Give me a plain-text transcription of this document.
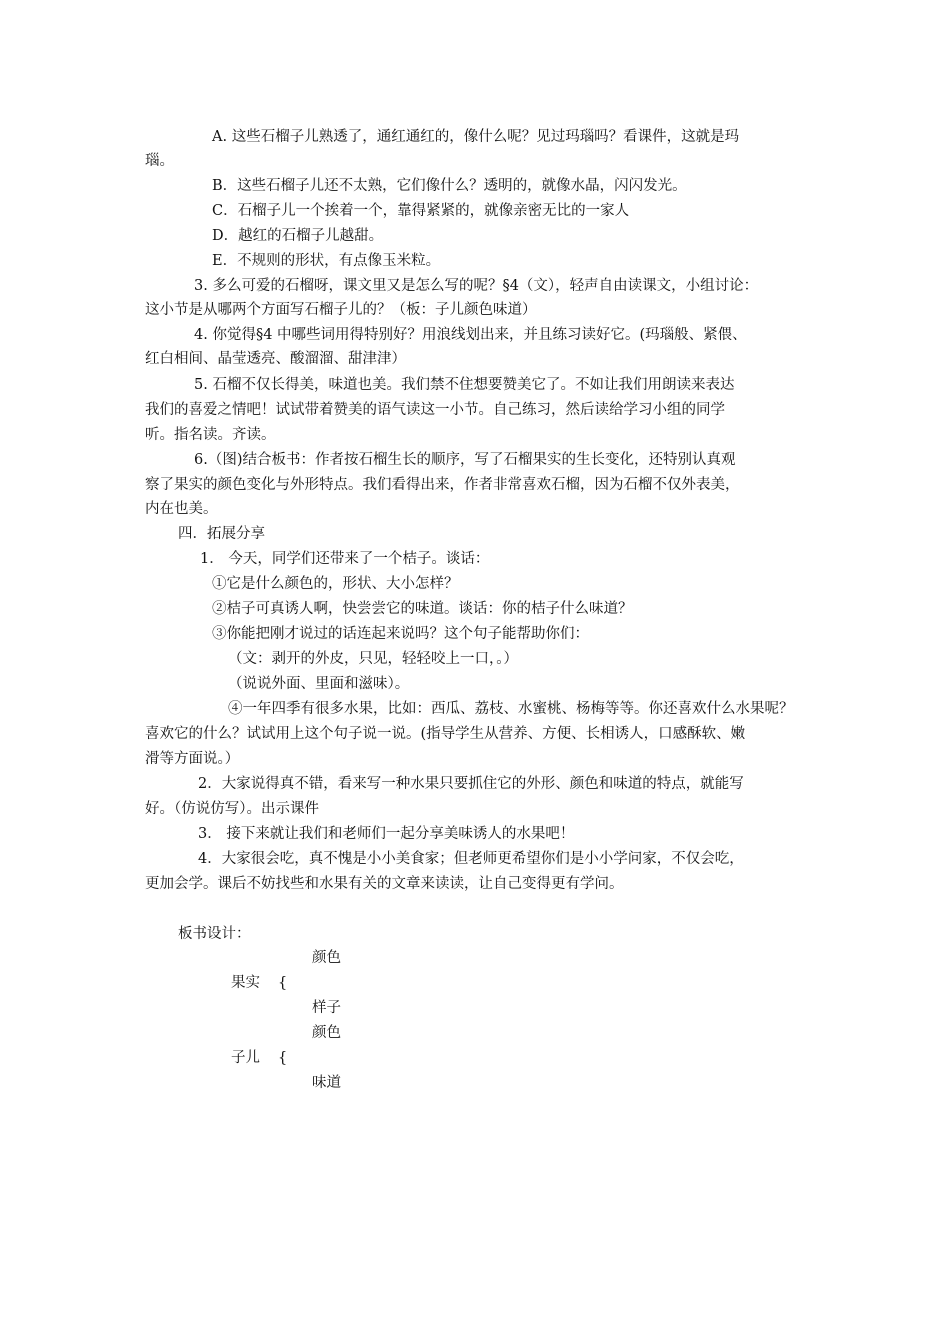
A. 这些石榴子儿熟透了，通红通红的，像什么呢？见过玛瑙吗？看课件，这就是玛
瑙。
B．这些石榴子儿还不太熟，它们像什么？透明的，就像水晶，闪闪发光。
C．石榴子儿一个挨着一个，靠得紧紧的，就像亲密无比的一家人
D．越红的石榴子儿越甜。
E．不规则的形状，有点像玉米粒。
3. 多么可爱的石榴呀，课文里又是怎么写的呢？§4（文），轻声自由读课文，小组讨论：
这小节是从哪两个方面写石榴子儿的？（板：子儿颜色味道）
4. 你觉得§4 中哪些词用得特别好？用浪线划出来，并且练习读好它。(玛瑙般、紧偎、
红白相间、晶莹透亮、酸溜溜、甜津津）
5. 石榴不仅长得美，味道也美。我们禁不住想要赞美它了。不如让我们用朗读来表达
我们的喜爱之情吧！试试带着赞美的语气读这一小节。自己练习，然后读给学习小组的同学
听。指名读。齐读。
6.（图)结合板书：作者按石榴生长的顺序，写了石榴果实的生长变化，还特别认真观
察了果实的颜色变化与外形特点。我们看得出来，作者非常喜欢石榴，因为石榴不仅外表美，
内在也美。
四．拓展分享
1． 今天，同学们还带来了一个桔子。谈话：
①它是什么颜色的，形状、大小怎样？
②桔子可真诱人啊，快尝尝它的味道。谈话：你的桔子什么味道？
③你能把刚才说过的话连起来说吗？这个句子能帮助你们：
（文：剥开的外皮，只见，轻轻咬上一口，。）
（说说外面、里面和滋味）。
④一年四季有很多水果，比如：西瓜、荔枝、水蜜桃、杨梅等等。你还喜欢什么水果呢？
喜欢它的什么？试试用上这个句子说一说。(指导学生从营养、方便、长相诱人，口感酥软、嫩
滑等方面说。）
2．大家说得真不错，看来写一种水果只要抓住它的外形、颜色和味道的特点，就能写
好。（仿说仿写）。出示课件
3． 接下来就让我们和老师们一起分享美味诱人的水果吧！
4．大家很会吃，真不愧是小小美食家；但老师更希望你们是小小学问家，不仅会吃，
更加会学。课后不妨找些和水果有关的文章来读读，让自己变得更有学问。
板书设计：
颜色
果实 {
样子
颜色
子儿 {
味道
